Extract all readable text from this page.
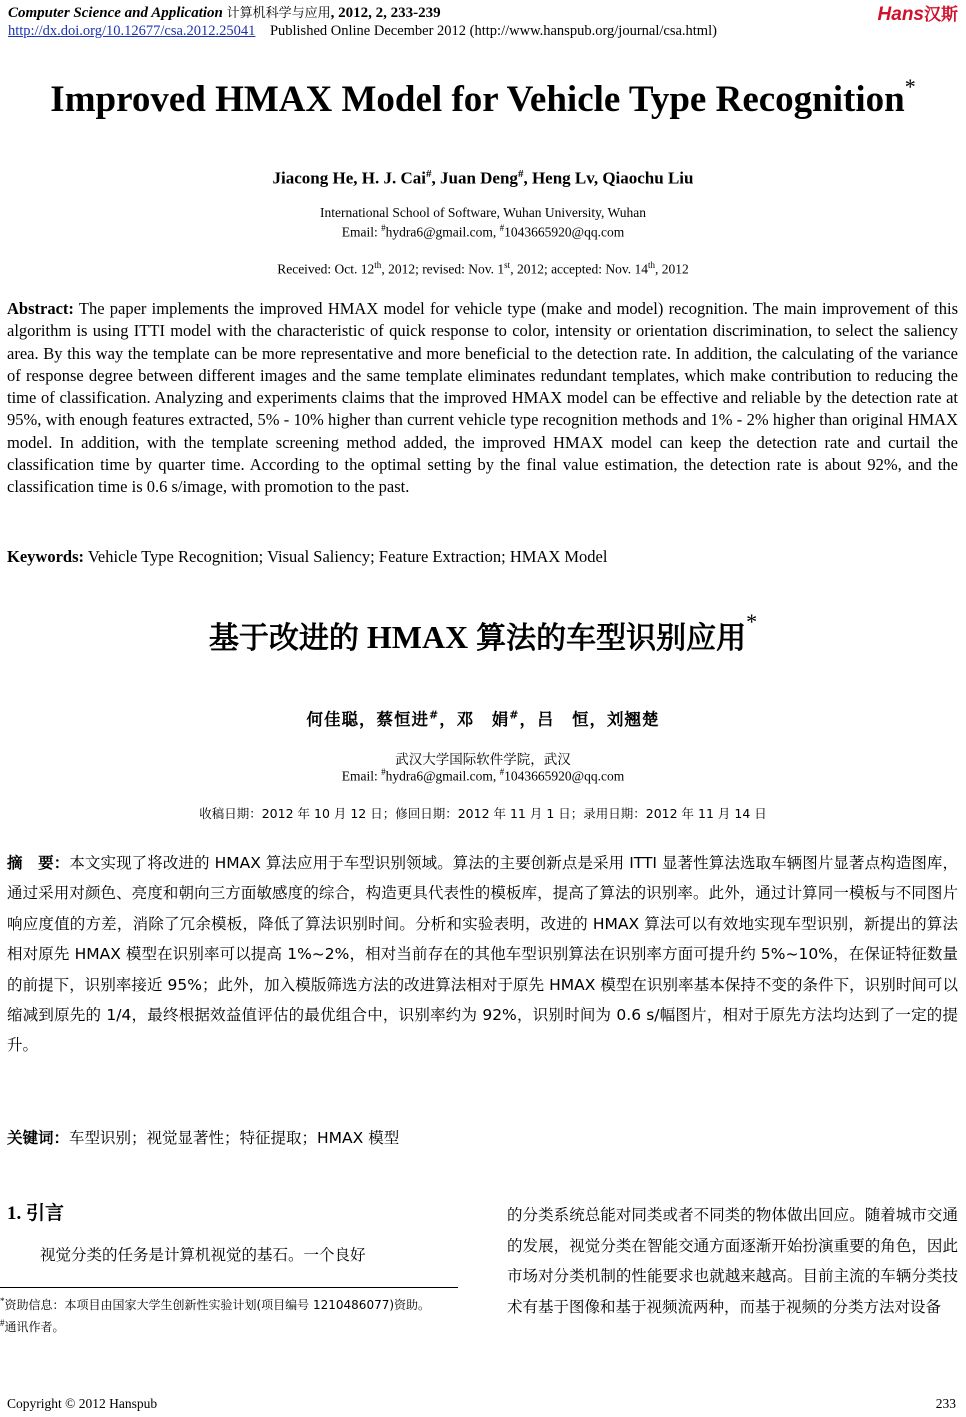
Computer Science and Application 计算机科学与应用, 2012, 2, 233-239	Hans汉斯
http://dx.doi.org/10.12677/csa.2012.25041 Published Online December 2012 (http://www.hanspub.org/journal/csa.html)
Improved HMAX Model for Vehicle Type Recognition*
Jiacong He, H. J. Cai#, Juan Deng#, Heng Lv, Qiaochu Liu
International School of Software, Wuhan University, Wuhan
Email: #hydra6@gmail.com, #1043665920@qq.com
Received: Oct. 12th, 2012; revised: Nov. 1st, 2012; accepted: Nov. 14th, 2012
Abstract: The paper implements the improved HMAX model for vehicle type (make and model) recognition. The main improvement of this algorithm is using ITTI model with the characteristic of quick response to color, intensity or orientation discrimination, to select the saliency area. By this way the template can be more representative and more beneficial to the detection rate. In addition, the calculating of the variance of response degree between different images and the same template eliminates redundant templates, which make contribution to reducing the time of classification. Analyzing and experiments claims that the improved HMAX model can be effective and reliable by the detection rate at 95%, with enough features extracted, 5% - 10% higher than current vehicle type recognition methods and 1% - 2% higher than original HMAX model. In addition, with the template screening method added, the improved HMAX model can keep the detection rate and curtail the classification time by quarter time. According to the optimal setting by the final value estimation, the detection rate is about 92%, and the classification time is 0.6 s/image, with promotion to the past.
Keywords: Vehicle Type Recognition; Visual Saliency; Feature Extraction; HMAX Model
基于改进的 HMAX 算法的车型识别应用*
何佳聪，蔡恒进#，邓　娟#，吕　恒，刘翘楚
武汉大学国际软件学院，武汉
Email: #hydra6@gmail.com, #1043665920@qq.com
收稿日期：2012 年 10 月 12 日；修回日期：2012 年 11 月 1 日；录用日期：2012 年 11 月 14 日
摘　要：本文实现了将改进的 HMAX 算法应用于车型识别领域。算法的主要创新点是采用 ITTI 显著性算法选取车辆图片显著点构造图库，通过采用对颜色、亮度和朝向三方面敏感度的综合，构造更具代表性的模板库，提高了算法的识别率。此外，通过计算同一模板与不同图片响应度值的方差，消除了冗余模板，降低了算法识别时间。分析和实验表明，改进的 HMAX 算法可以有效地实现车型识别，新提出的算法相对原先 HMAX 模型在识别率可以提高 1%~2%，相对当前存在的其他车型识别算法在识别率方面可提升约 5%~10%，在保证特征数量的前提下，识别率接近 95%；此外，加入模版筛选方法的改进算法相对于原先 HMAX 模型在识别率基本保持不变的条件下，识别时间可以缩减到原先的 1/4，最终根据效益值评估的最优组合中，识别率约为 92%，识别时间为 0.6 s/幅图片，相对于原先方法均达到了一定的提升。
关键词：车型识别；视觉显著性；特征提取；HMAX 模型
1. 引言
视觉分类的任务是计算机视觉的基石。一个良好
*资助信息：本项目由国家大学生创新性实验计划(项目编号 1210486077)资助。
#通讯作者。
的分类系统总能对同类或者不同类的物体做出回应。随着城市交通的发展，视觉分类在智能交通方面逐渐开始扮演重要的角色，因此市场对分类机制的性能要求也就越来越高。目前主流的车辆分类技术有基于图像和基于视频流两种，而基于视频的分类方法对设备
Copyright © 2012 Hanspub	233
